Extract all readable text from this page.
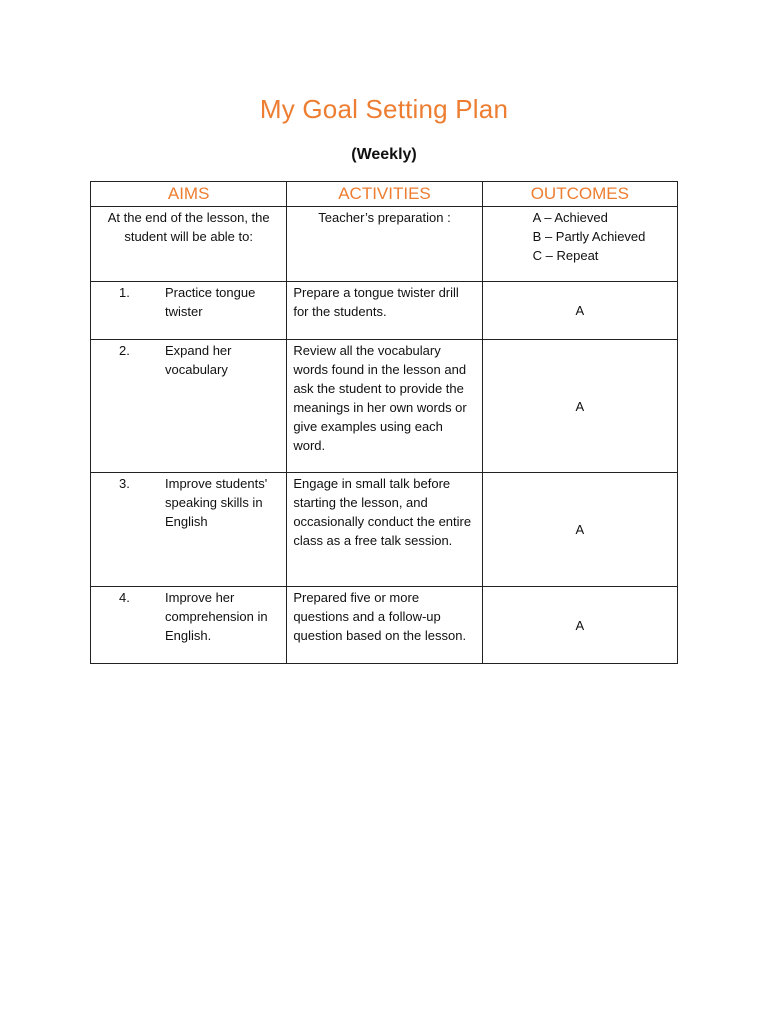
My Goal Setting Plan
(Weekly)
AIMS	ACTIVITIES	OUTCOMES

At the end of the lesson, the student will be able to:	Teacher’s preparation :	A – Achieved
B – Partly Achieved
C – Repeat

1. Practice tongue twister	Prepare a tongue twister drill for the students.	A

2. Expand her vocabulary	Review all the vocabulary words found in the lesson and ask the student to provide the meanings in her own words or give examples using each word.	A

3. Improve students' speaking skills in English	Engage in small talk before starting the lesson, and occasionally conduct the entire class as a free talk session.	A

4. Improve her comprehension in English.	Prepared five or more questions and a follow-up question based on the lesson.	A
